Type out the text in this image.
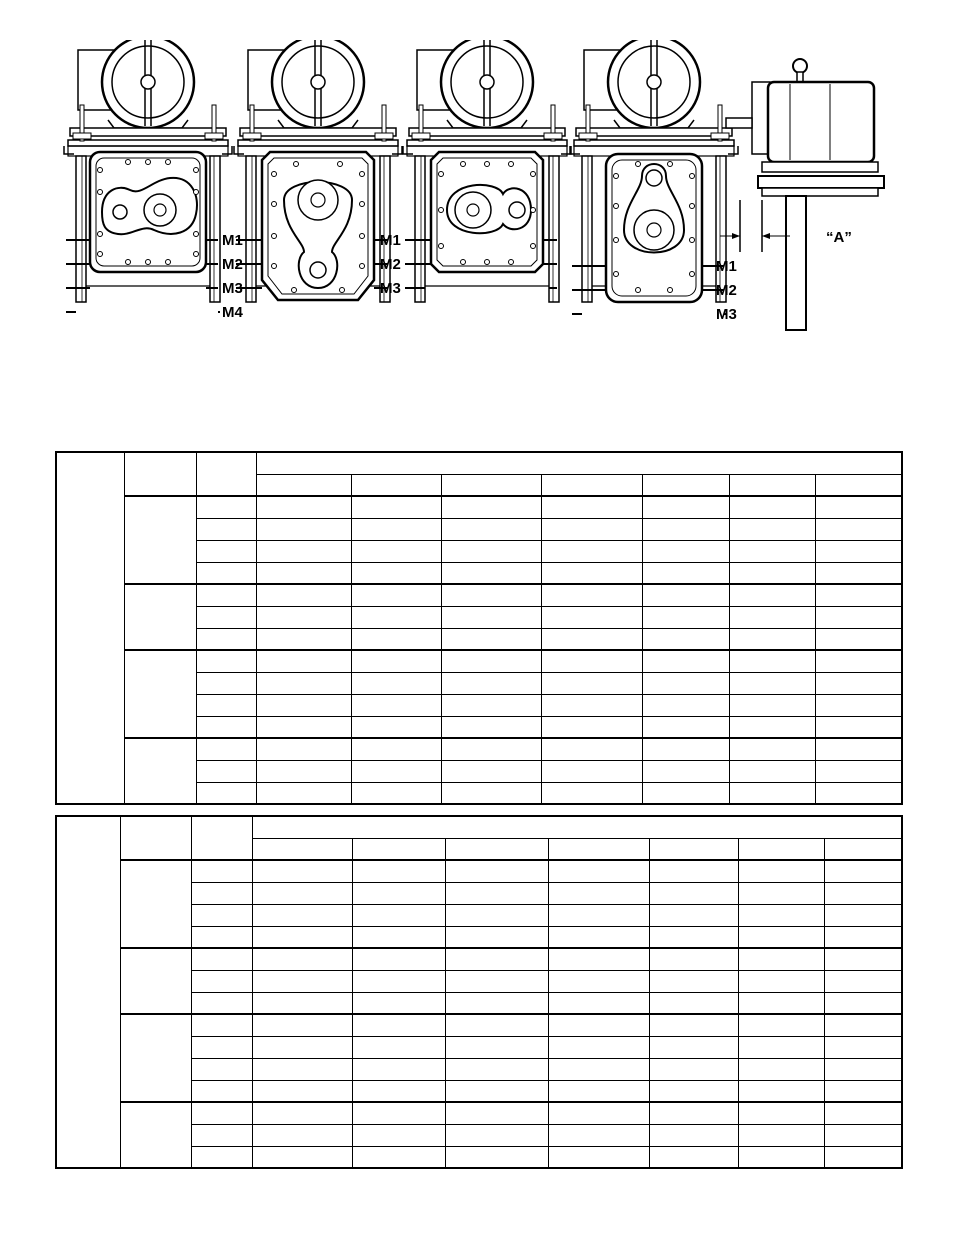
“A”
M1
M2
M3
M4
M1
M2
M3
M1
M2
M3
